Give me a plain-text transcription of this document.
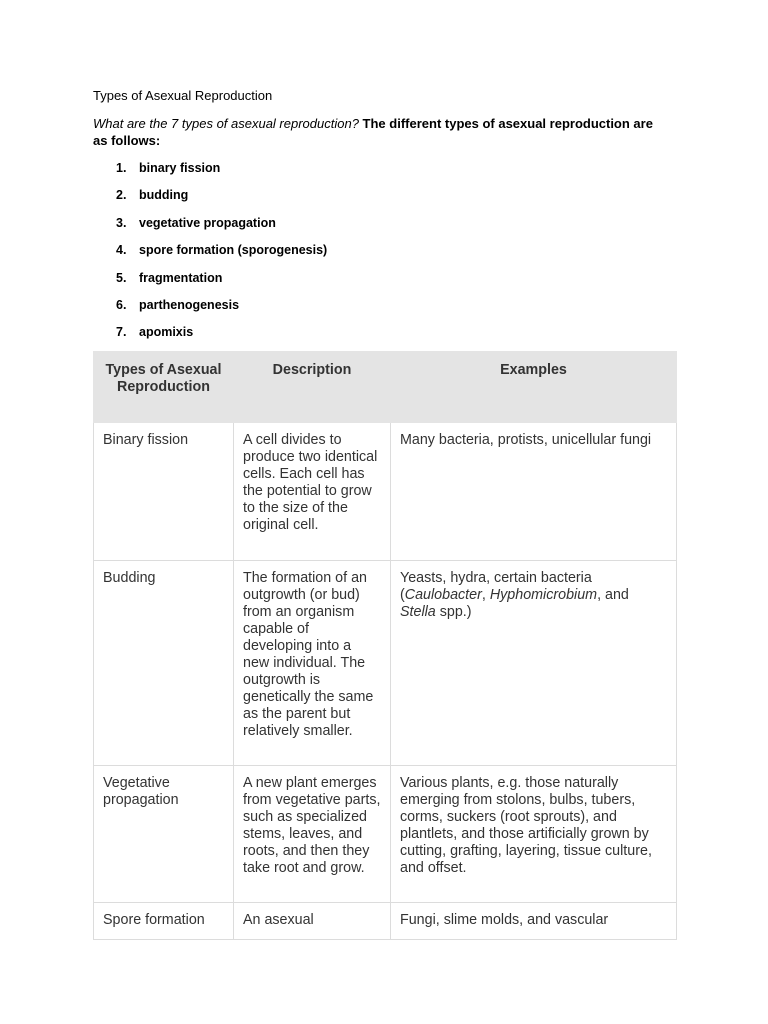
Types of Asexual Reproduction
What are the 7 types of asexual reproduction? The different types of asexual reproduction are as follows:
1. binary fission
2. budding
3. vegetative propagation
4. spore formation (sporogenesis)
5. fragmentation
6. parthenogenesis
7. apomixis
Types of Asexual Reproduction	Description	Examples
Binary fission	A cell divides to produce two identical cells. Each cell has the potential to grow to the size of the original cell.	Many bacteria, protists, unicellular fungi
Budding	The formation of an outgrowth (or bud) from an organism capable of developing into a new individual. The outgrowth is genetically the same as the parent but relatively smaller.	Yeasts, hydra, certain bacteria (Caulobacter, Hyphomicrobium, and Stella spp.)
Vegetative propagation	A new plant emerges from vegetative parts, such as specialized stems, leaves, and roots, and then they take root and grow.	Various plants, e.g. those naturally emerging from stolons, bulbs, tubers, corms, suckers (root sprouts), and plantlets, and those artificially grown by cutting, grafting, layering, tissue culture, and offset.
Spore formation	An asexual	Fungi, slime molds, and vascular
